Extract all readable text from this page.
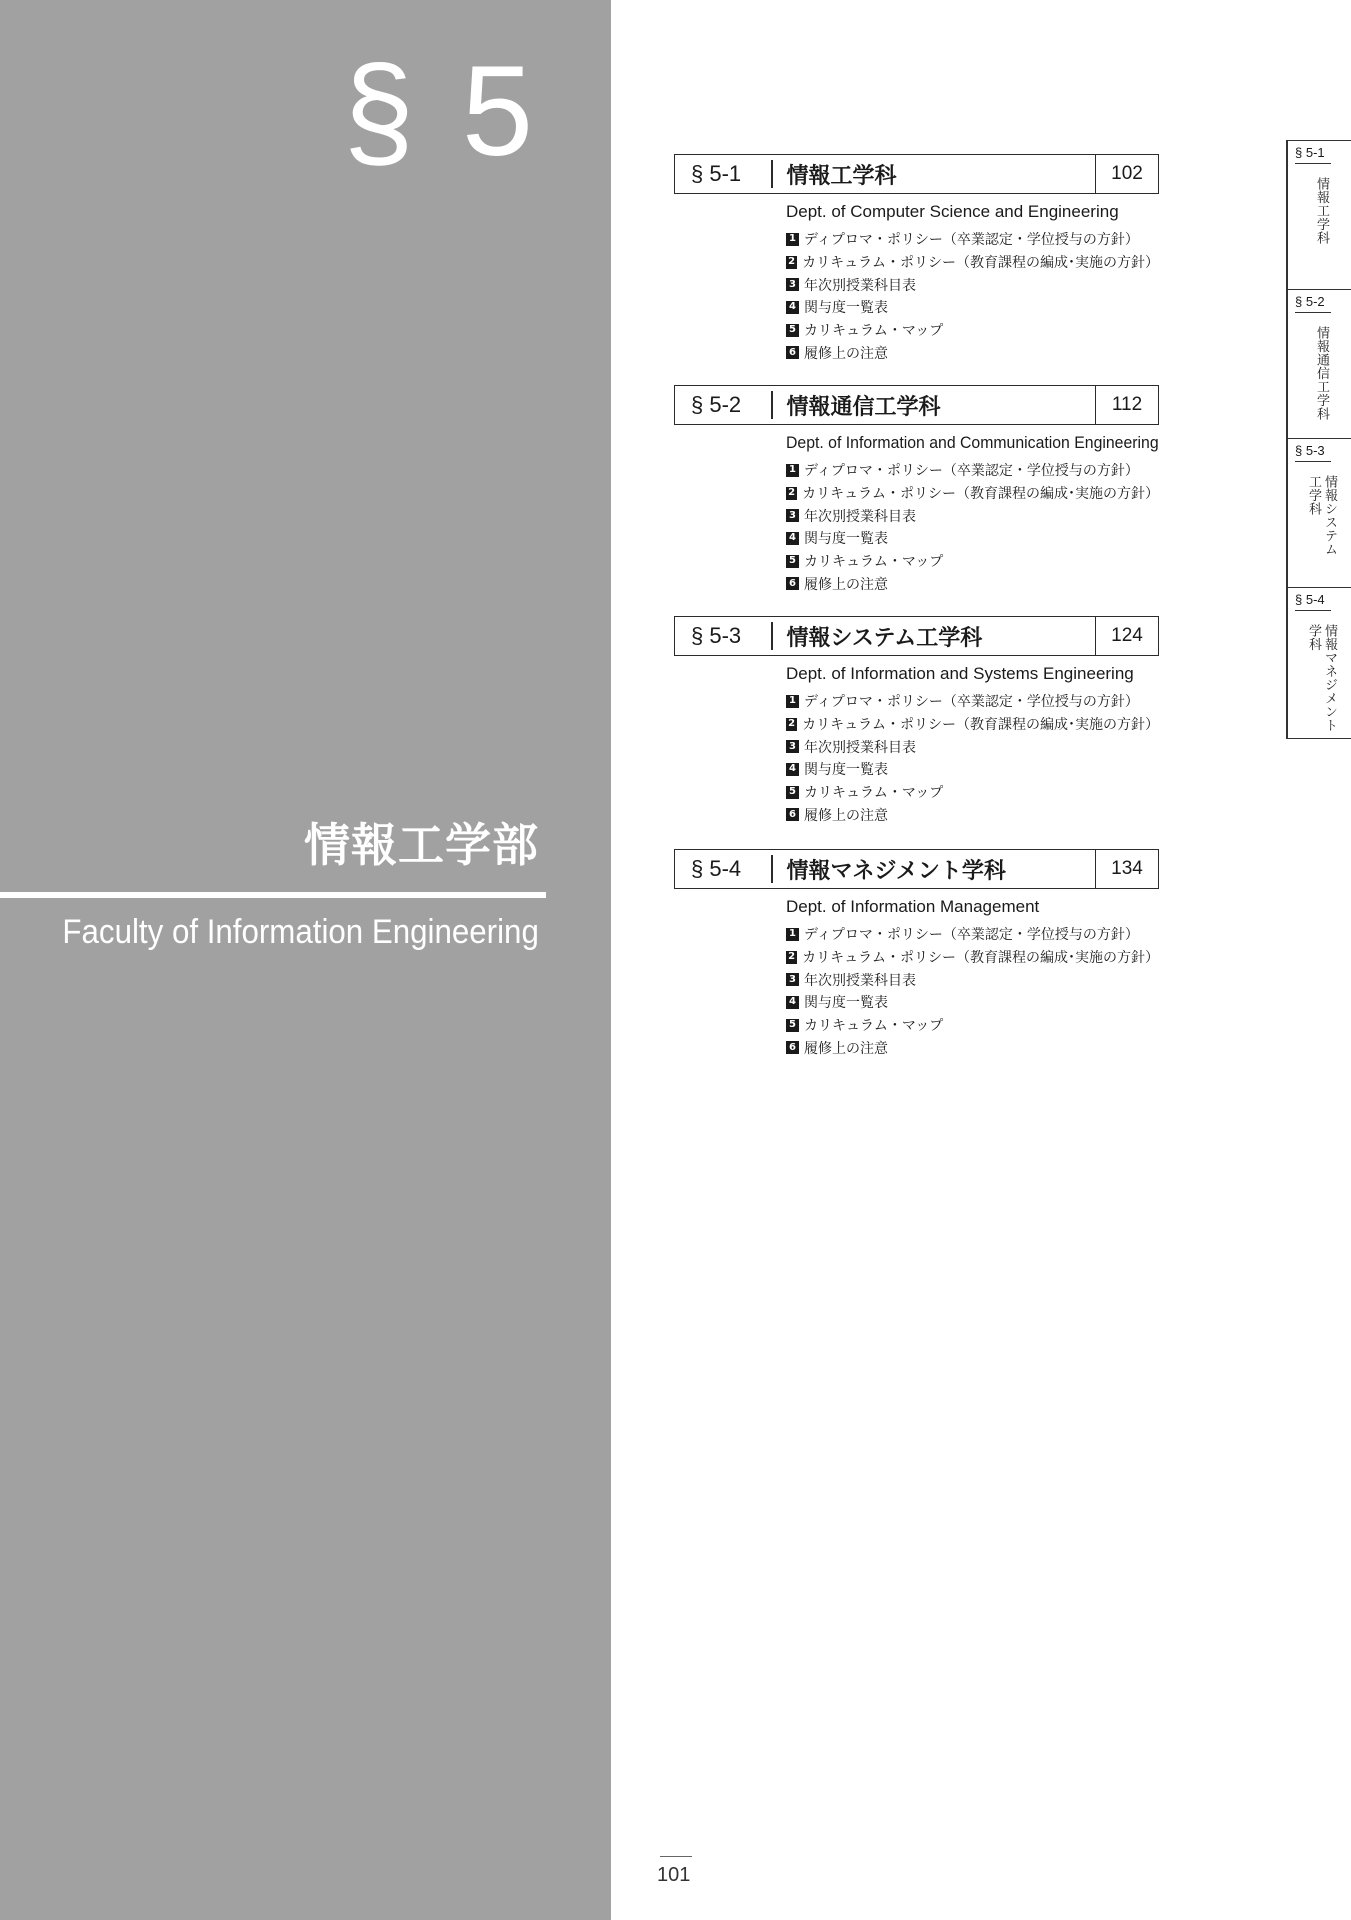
§ 5
情報工学部
Faculty of Information Engineering
§ 5-1	情報工学科	102
Dept. of Computer Science and Engineering
1 ディプロマ・ポリシー（卒業認定・学位授与の方針）
2 カリキュラム・ポリシー（教育課程の編成･実施の方針）
3 年次別授業科目表
4 関与度一覧表
5 カリキュラム・マップ
6 履修上の注意
§ 5-2	情報通信工学科	112
Dept. of Information and Communication Engineering
1 ディプロマ・ポリシー（卒業認定・学位授与の方針）
2 カリキュラム・ポリシー（教育課程の編成･実施の方針）
3 年次別授業科目表
4 関与度一覧表
5 カリキュラム・マップ
6 履修上の注意
§ 5-3	情報システム工学科	124
Dept. of Information and Systems Engineering
1 ディプロマ・ポリシー（卒業認定・学位授与の方針）
2 カリキュラム・ポリシー（教育課程の編成･実施の方針）
3 年次別授業科目表
4 関与度一覧表
5 カリキュラム・マップ
6 履修上の注意
§ 5-4	情報マネジメント学科	134
Dept. of Information Management
1 ディプロマ・ポリシー（卒業認定・学位授与の方針）
2 カリキュラム・ポリシー（教育課程の編成･実施の方針）
3 年次別授業科目表
4 関与度一覧表
5 カリキュラム・マップ
6 履修上の注意
§ 5-1
情報工学科
§ 5-2
情報通信工学科
§ 5-3
情報システム工学科
§ 5-4
情報マネジメント学科
101
